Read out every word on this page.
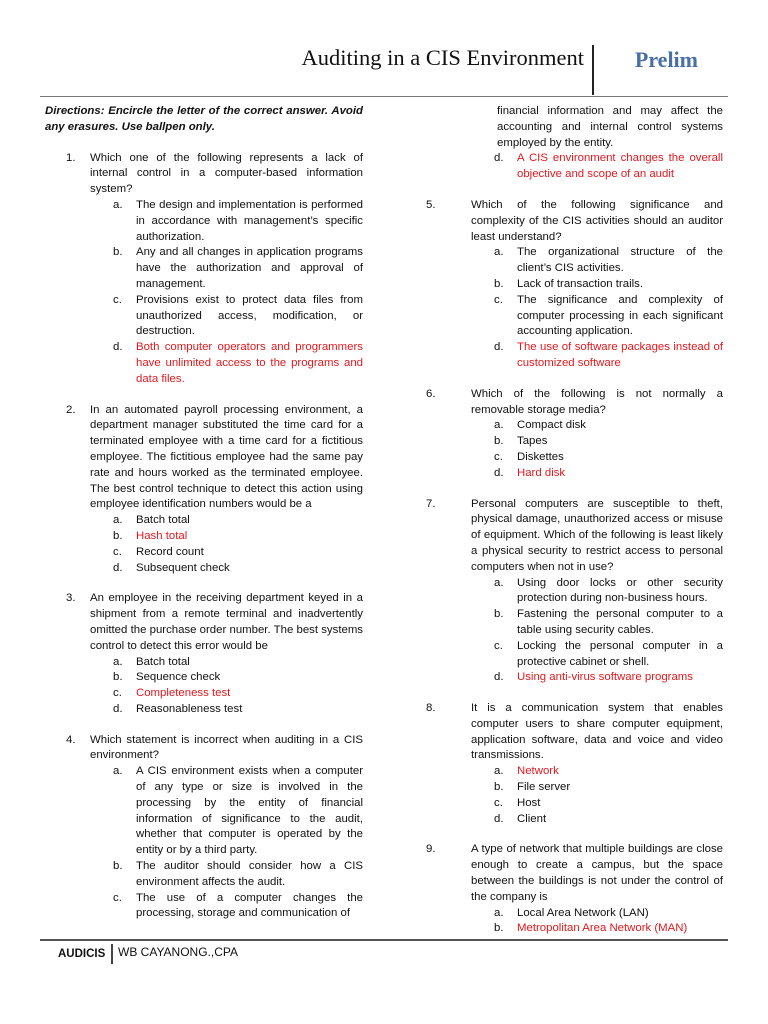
Auditing in a CIS Environment Prelim
Directions: Encircle the letter of the correct answer. Avoid any erasures. Use ballpen only.
1.	Which one of the following represents a lack of internal control in a computer-based information system?
a.	The design and implementation is performed in accordance with management’s specific authorization.
b.	Any and all changes in application programs have the authorization and approval of management.
c.	Provisions exist to protect data files from unauthorized access, modification, or destruction.
d.	Both computer operators and programmers have unlimited access to the programs and data files.
2.	In an automated payroll processing environment, a department manager substituted the time card for a terminated employee with a time card for a fictitious employee. The fictitious employee had the same pay rate and hours worked as the terminated employee. The best control technique to detect this action using employee identification numbers would be a
a.	Batch total
b.	Hash total
c.	Record count
d.	Subsequent check
3.	An employee in the receiving department keyed in a shipment from a remote terminal and inadvertently omitted the purchase order number. The best systems control to detect this error would be
a.	Batch total
b.	Sequence check
c.	Completeness test
d.	Reasonableness test
4.	Which statement is incorrect when auditing in a CIS environment?
a.	A CIS environment exists when a computer of any type or size is involved in the processing by the entity of financial information of significance to the audit, whether that computer is operated by the entity or by a third party.
b.	The auditor should consider how a CIS environment affects the audit.
c.	The use of a computer changes the processing, storage and communication of
financial information and may affect the accounting and internal control systems employed by the entity.
d.	A CIS environment changes the overall objective and scope of an audit
5.	Which of the following significance and complexity of the CIS activities should an auditor least understand?
a.	The organizational structure of the client’s CIS activities.
b.	Lack of transaction trails.
c.	The significance and complexity of computer processing in each significant accounting application.
d.	The use of software packages instead of customized software
6.	Which of the following is not normally a removable storage media?
a.	Compact disk
b.	Tapes
c.	Diskettes
d.	Hard disk
7.	Personal computers are susceptible to theft, physical damage, unauthorized access or misuse of equipment. Which of the following is least likely a physical security to restrict access to personal computers when not in use?
a.	Using door locks or other security protection during non-business hours.
b.	Fastening the personal computer to a table using security cables.
c.	Locking the personal computer in a protective cabinet or shell.
d.	Using anti-virus software programs
8.	It is a communication system that enables computer users to share computer equipment, application software, data and voice and video transmissions.
a.	Network
b.	File server
c.	Host
d.	Client
9.	A type of network that multiple buildings are close enough to create a campus, but the space between the buildings is not under the control of the company is
a.	Local Area Network (LAN)
b.	Metropolitan Area Network (MAN)
AUDICIS WB CAYANONG.,CPA
